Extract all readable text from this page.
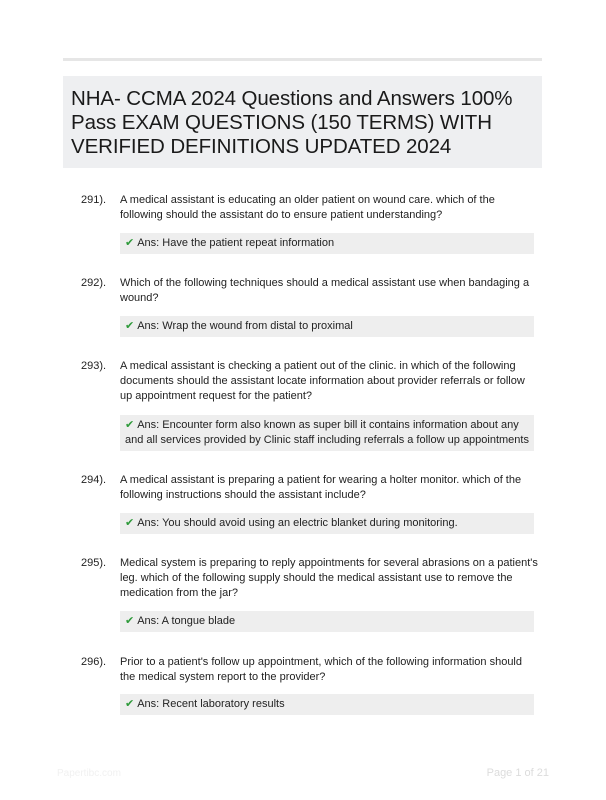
NHA- CCMA 2024 Questions and Answers 100% Pass EXAM QUESTIONS (150 TERMS) WITH VERIFIED DEFINITIONS UPDATED 2024
291). A medical assistant is educating an older patient on wound care. which of the following should the assistant do to ensure patient understanding?
✔ Ans: Have the patient repeat information
292). Which of the following techniques should a medical assistant use when bandaging a wound?
✔ Ans: Wrap the wound from distal to proximal
293). A medical assistant is checking a patient out of the clinic. in which of the following documents should the assistant locate information about provider referrals or follow up appointment request for the patient?
✔ Ans: Encounter form also known as super bill it contains information about any and all services provided by Clinic staff including referrals a follow up appointments
294). A medical assistant is preparing a patient for wearing a holter monitor. which of the following instructions should the assistant include?
✔ Ans: You should avoid using an electric blanket during monitoring.
295). Medical system is preparing to reply appointments for several abrasions on a patient's leg. which of the following supply should the medical assistant use to remove the medication from the jar?
✔ Ans: A tongue blade
296). Prior to a patient's follow up appointment, which of the following information should the medical system report to the provider?
✔ Ans: Recent laboratory results
Papertibc.com	Page 1 of 21
